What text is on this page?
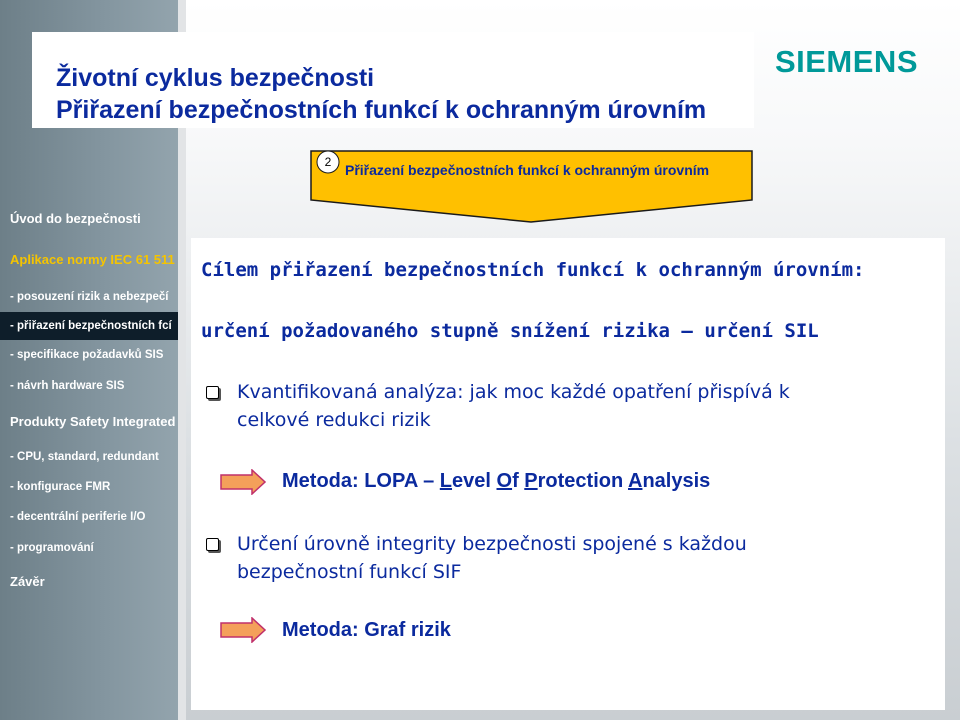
Úvod do bezpečnosti
Aplikace normy IEC 61 511
- posouzení rizik a nebezpečí
- přiřazení bezpečnostních fcí
- specifikace požadavků SIS
- návrh hardware SIS
Produkty Safety Integrated
- CPU, standard, redundant
- konfigurace FMR
- decentrální periferie I/O
- programování
Závěr
Životní cyklus bezpečnosti
Přiřazení bezpečnostních funkcí k ochranným úrovním
SIEMENS
2 Přiřazení bezpečnostních funkcí k ochranným úrovním
Cílem přiřazení bezpečnostních funkcí k ochranným úrovním:
určení požadovaného stupně snížení rizika – určení SIL
Kvantifikovaná analýza: jak moc každé opatření přispívá k
celkové redukci rizik
Metoda: LOPA – Level Of Protection Analysis
Určení úrovně integrity bezpečnosti spojené s každou
bezpečnostní funkcí SIF
Metoda: Graf rizik
